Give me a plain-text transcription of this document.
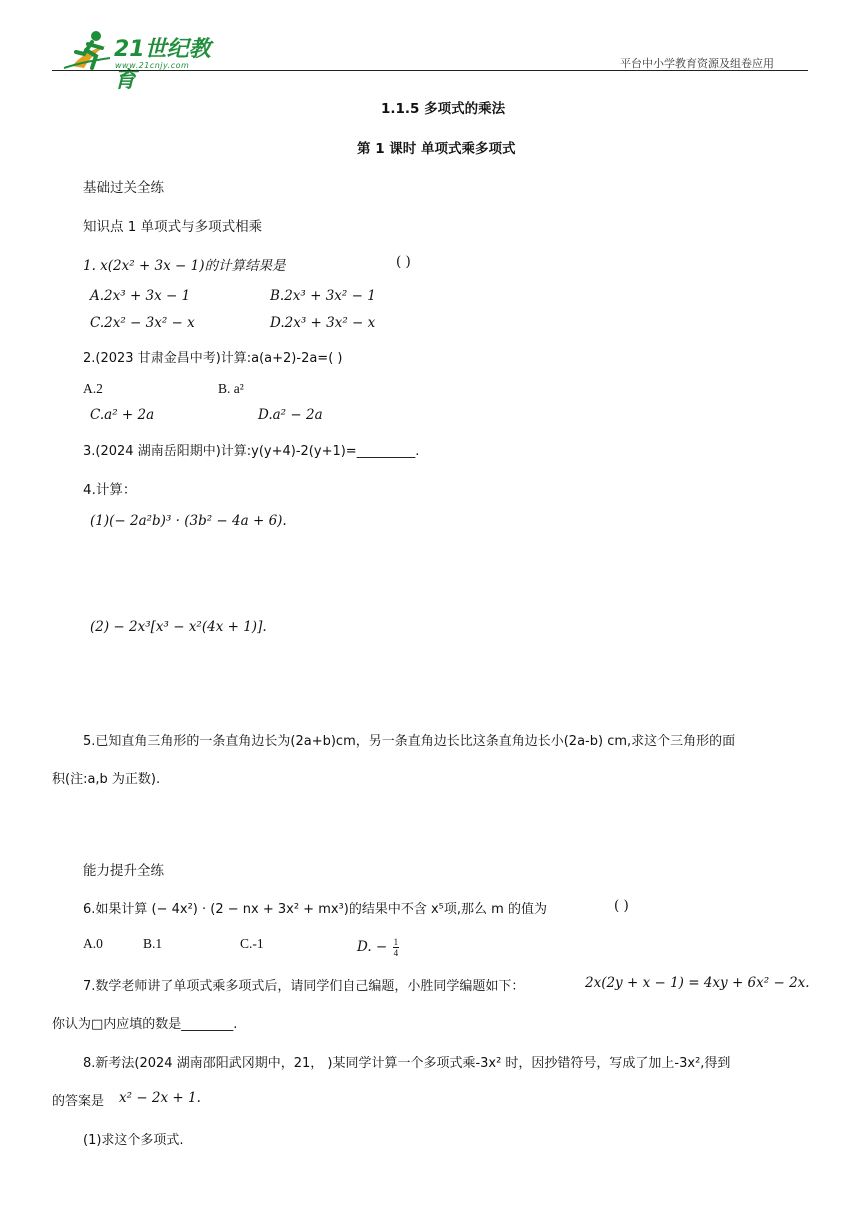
21世纪教育
www.21cnjy.com	平台中小学教育资源及组卷应用
1.1.5 多项式的乘法
第 1 课时 单项式乘多项式
基础过关全练
知识点 1 单项式与多项式相乘
1. x(2x² + 3x − 1)的计算结果是	( )
A.2x³ + 3x − 1	B.2x³ + 3x² − 1
C.2x² − 3x² − x	D.2x³ + 3x² − x
2.(2023 甘肃金昌中考)计算:a(a+2)-2a=( )
A.2	B. a²
C.a² + 2a	D.a² − 2a
3.(2024 湖南岳阳期中)计算:y(y+4)-2(y+1)=_________.
4.计算：
(1)(− 2a²b)³ · (3b² − 4a + 6).
(2) − 2x³[x³ − x²(4x + 1)].
5.已知直角三角形的一条直角边长为(2a+b)cm，另一条直角边长比这条直角边长小(2a-b) cm,求这个三角形的面
积(注:a,b 为正数).
能力提升全练
6.如果计算 (− 4x²) · (2 − nx + 3x² + mx³)的结果中不含 x⁵项,那么 m 的值为	( )
A.0	B.1	C.-1	D. − $\frac{1}{4}$
7.数学老师讲了单项式乘多项式后，请同学们自己编题，小胜同学编题如下：	2x(2y + x − 1) = 4xy + 6x² − 2x.
你认为□内应填的数是________.
8.新考法(2024 湖南邵阳武冈期中，21， )某同学计算一个多项式乘-3x² 时，因抄错符号，写成了加上-3x²,得到
的答案是 x² − 2x + 1.
(1)求这个多项式.
